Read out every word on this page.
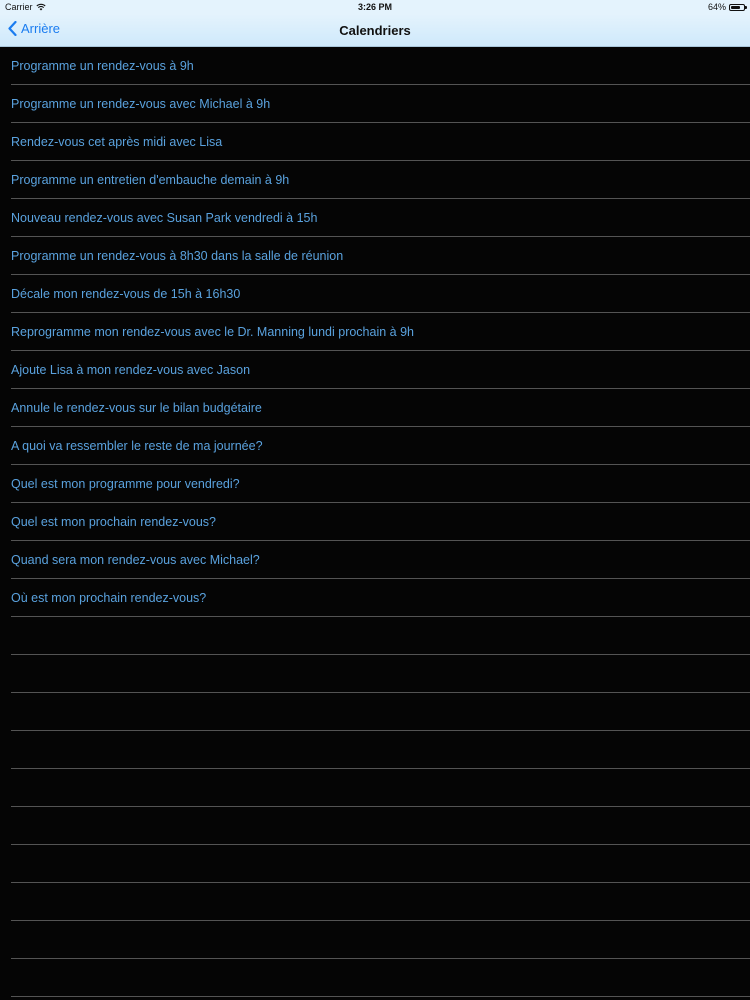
Carrier	3:26 PM	64%
Arrière	Calendriers
Programme un rendez-vous à 9h
Programme un rendez-vous avec Michael à 9h
Rendez-vous cet après midi avec Lisa
Programme un entretien d'embauche demain à 9h
Nouveau rendez-vous avec Susan Park vendredi à 15h
Programme un rendez-vous à 8h30 dans la salle de réunion
Décale mon rendez-vous de 15h à 16h30
Reprogramme mon rendez-vous avec le Dr. Manning lundi prochain à 9h
Ajoute Lisa à mon rendez-vous avec Jason
Annule le rendez-vous sur le bilan budgétaire
A quoi va ressembler le reste de ma journée?
Quel est mon programme pour vendredi?
Quel est mon prochain rendez-vous?
Quand sera mon rendez-vous avec Michael?
Où est mon prochain rendez-vous?
